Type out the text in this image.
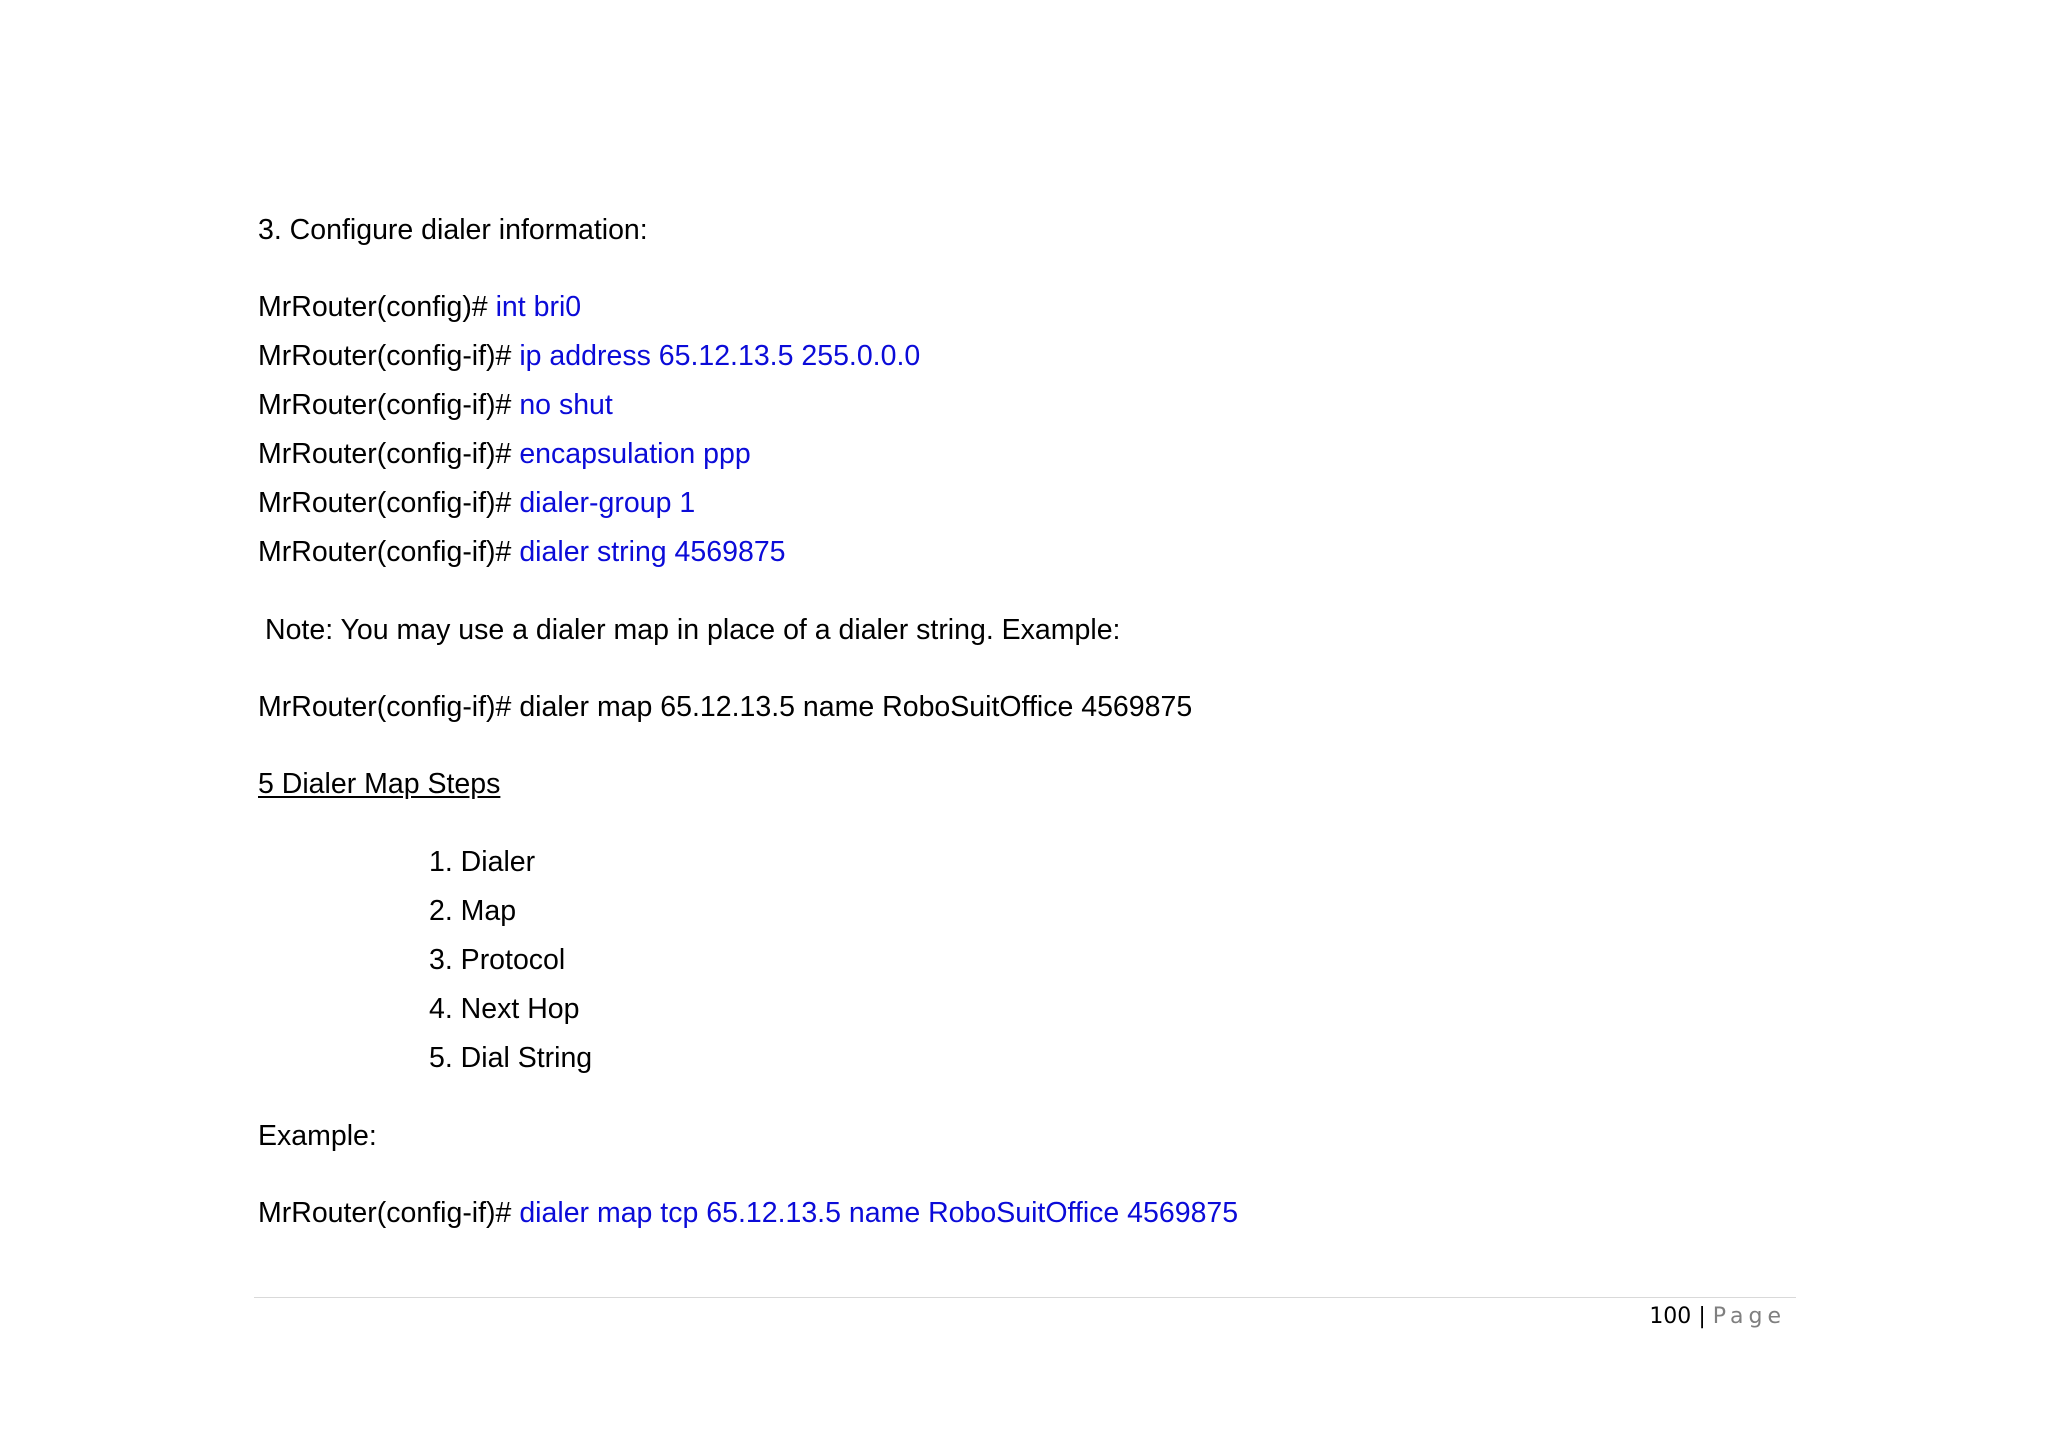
3. Configure dialer information:
MrRouter(config)# int bri0
MrRouter(config-if)# ip address 65.12.13.5 255.0.0.0
MrRouter(config-if)# no shut
MrRouter(config-if)# encapsulation ppp
MrRouter(config-if)# dialer-group 1
MrRouter(config-if)# dialer string 4569875
Note: You may use a dialer map in place of a dialer string. Example:
MrRouter(config-if)# dialer map 65.12.13.5 name RoboSuitOffice 4569875
5 Dialer Map Steps
1. Dialer
2. Map
3. Protocol
4. Next Hop
5. Dial String
Example:
MrRouter(config-if)# dialer map tcp 65.12.13.5 name RoboSuitOffice 4569875
100 | Page
